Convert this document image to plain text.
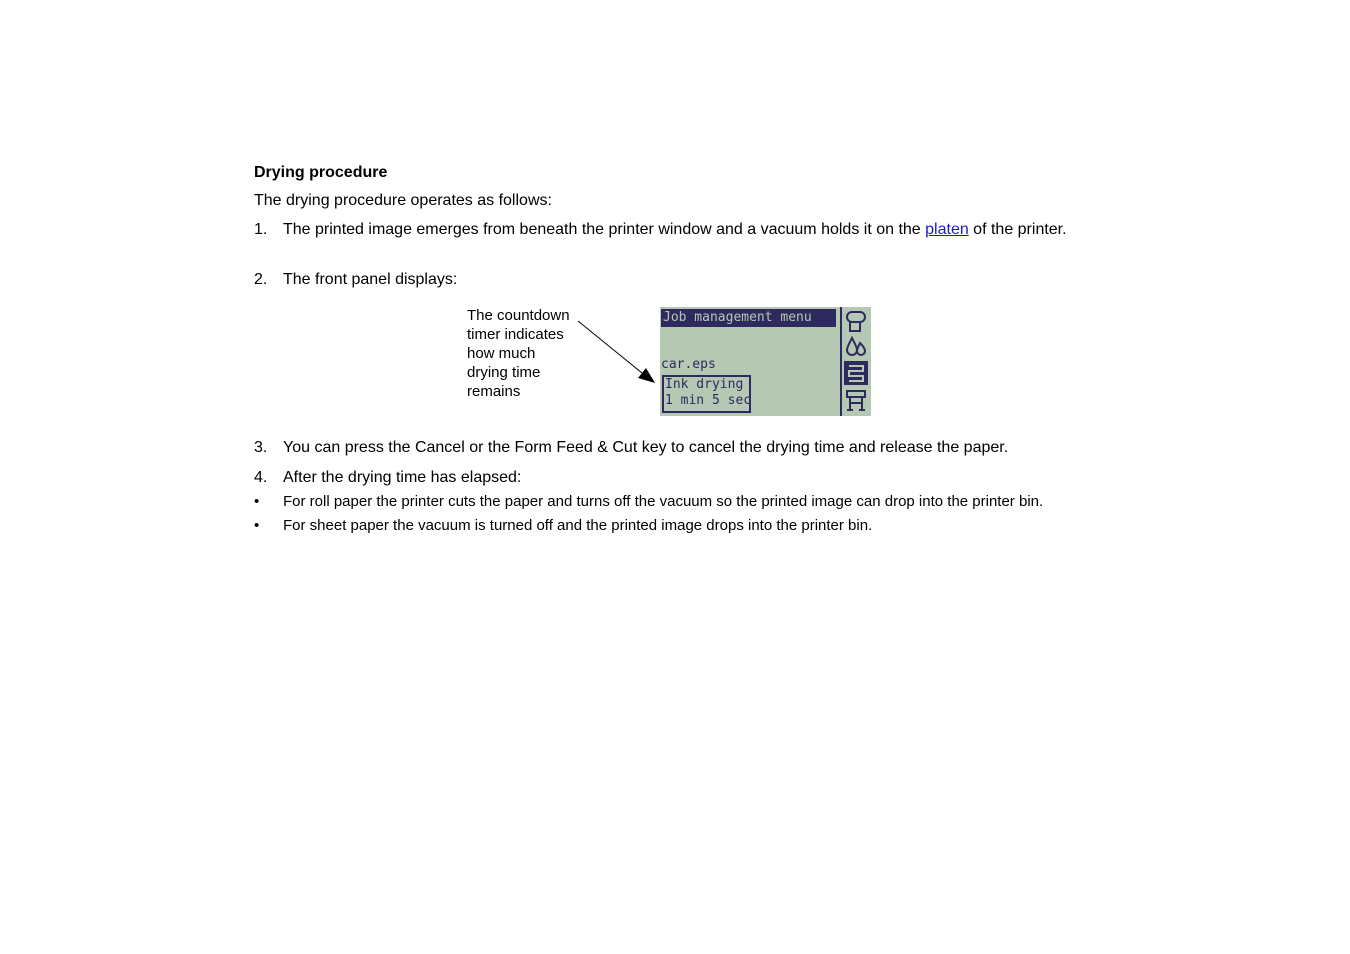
Drying procedure

The drying procedure operates as follows:

1. The printed image emerges from beneath the printer window and a vacuum holds it on the platen of the printer.
2. The front panel displays:
The countdown
timer indicates
how much
drying time
remains
Job management menu
car.eps
Ink drying
1 min 5 sec
3. You can press the Cancel or the Form Feed & Cut key to cancel the drying time and release the paper.
4. After the drying time has elapsed:
• For roll paper the printer cuts the paper and turns off the vacuum so the printed image can drop into the printer bin.
• For sheet paper the vacuum is turned off and the printed image drops into the printer bin.
